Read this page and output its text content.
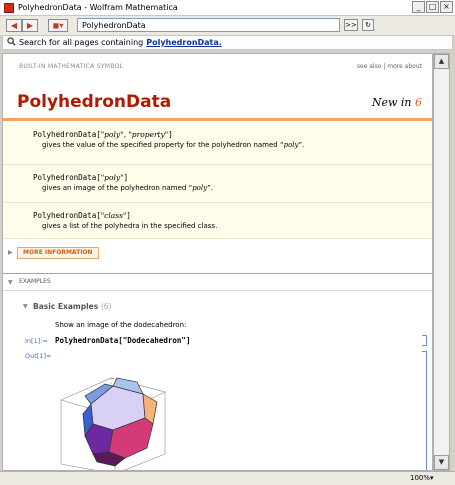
PolyhedronData - Wolfram Mathematica	_	□ ×
◀ ▶ ◼▾
PolyhedronData	>>	↻
Search for all pages containing PolyhedronData.
BUILT-IN MATHEMATICA SYMBOL	see also | more about
PolyhedronData	New in 6
PolyhedronData["poly", "property"]
gives the value of the specified property for the polyhedron named “poly”.
PolyhedronData["poly"]
gives an image of the polyhedron named “poly”.
PolyhedronData["class"]
gives a list of the polyhedra in the specified class.
▶	MORE INFORMATION
▼ EXAMPLES
▼ Basic Examples (6)
Show an image of the dodecahedron:
In[1]:= PolyhedronData["Dodecahedron"]
Out[1]=
▲
▼
100% ▾
